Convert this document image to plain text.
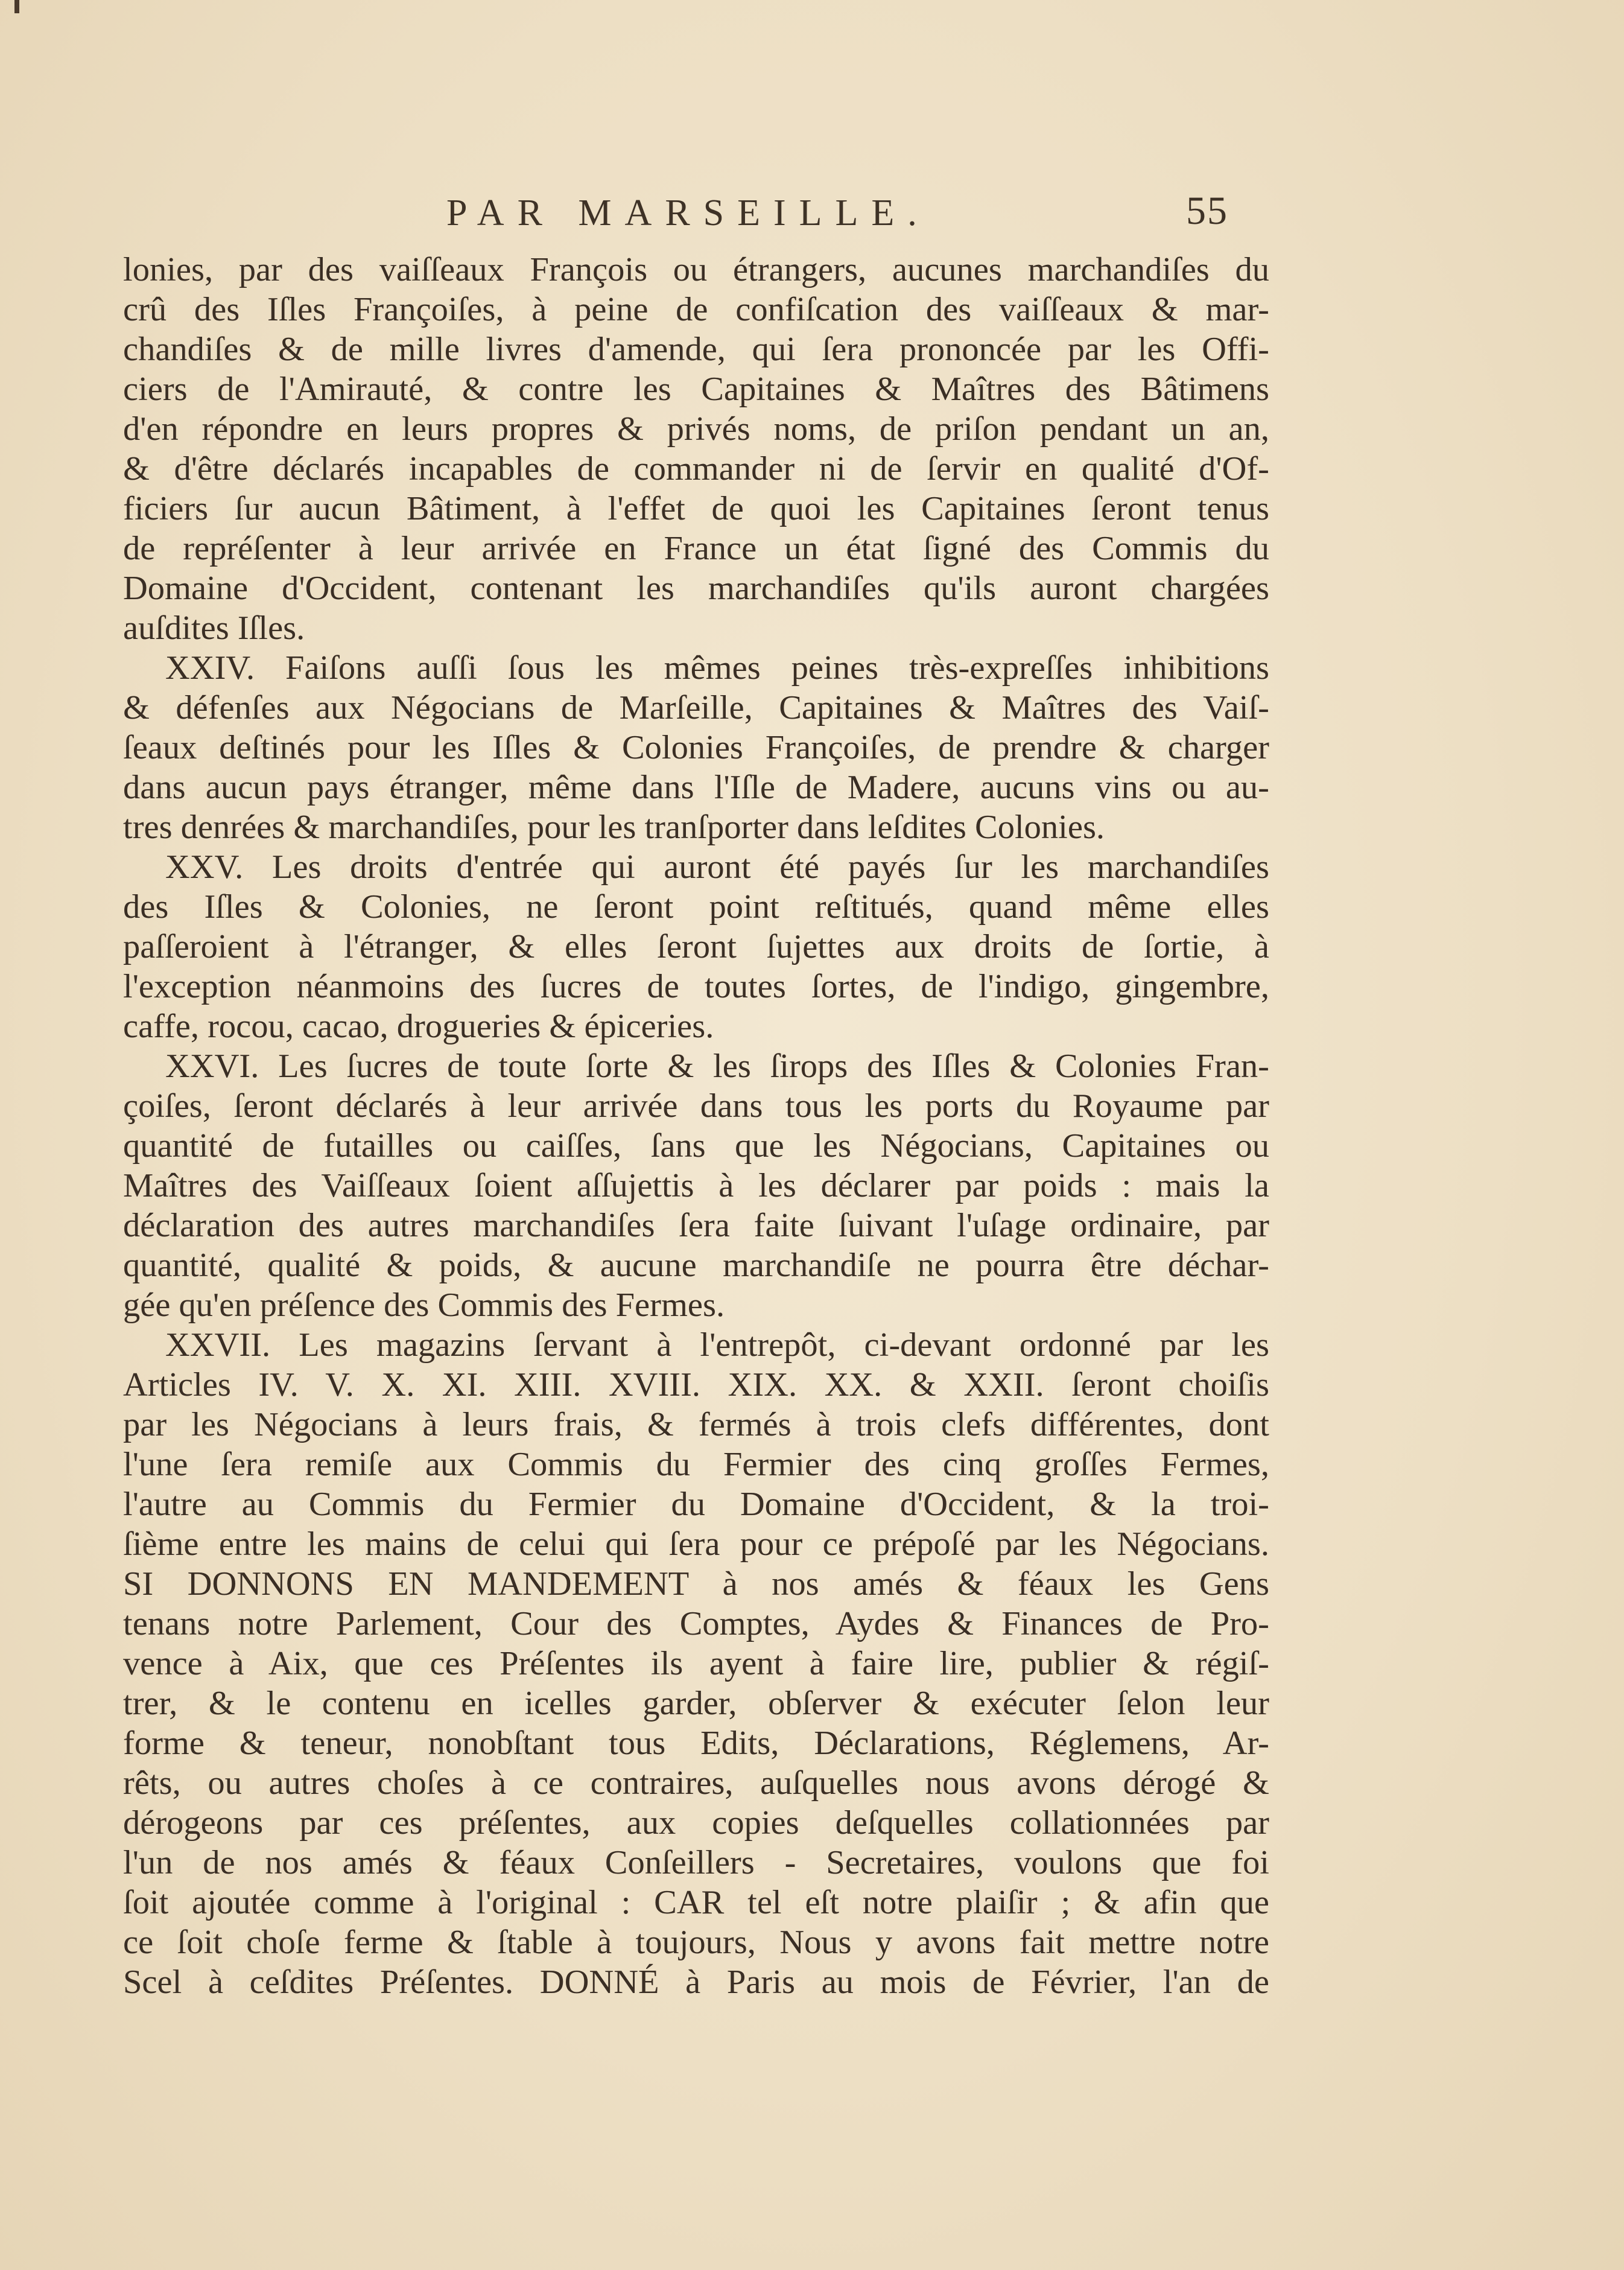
PAR MARSEILLE.	55
lonies, par des vaiſſeaux François ou étrangers, aucunes marchandiſes du
crû des Iſles Françoiſes, à peine de confiſcation des vaiſſeaux & mar-
chandiſes & de mille livres d'amende, qui ſera prononcée par les Offi-
ciers de l'Amirauté, & contre les Capitaines & Maîtres des Bâtimens
d'en répondre en leurs propres & privés noms, de priſon pendant un an,
& d'être déclarés incapables de commander ni de ſervir en qualité d'Of-
ficiers ſur aucun Bâtiment, à l'effet de quoi les Capitaines ſeront tenus
de repréſenter à leur arrivée en France un état ſigné des Commis du
Domaine d'Occident, contenant les marchandiſes qu'ils auront chargées
auſdites Iſles.
XXIV. Faiſons auſſi ſous les mêmes peines très-expreſſes inhibitions
& défenſes aux Négocians de Marſeille, Capitaines & Maîtres des Vaiſ-
ſeaux deſtinés pour les Iſles & Colonies Françoiſes, de prendre & charger
dans aucun pays étranger, même dans l'Iſle de Madere, aucuns vins ou au-
tres denrées & marchandiſes, pour les tranſporter dans leſdites Colonies.
XXV. Les droits d'entrée qui auront été payés ſur les marchandiſes
des Iſles & Colonies, ne ſeront point reſtitués, quand même elles
paſſeroient à l'étranger, & elles ſeront ſujettes aux droits de ſortie, à
l'exception néanmoins des ſucres de toutes ſortes, de l'indigo, gingembre,
caffe, rocou, cacao, drogueries & épiceries.
XXVI. Les ſucres de toute ſorte & les ſirops des Iſles & Colonies Fran-
çoiſes, ſeront déclarés à leur arrivée dans tous les ports du Royaume par
quantité de futailles ou caiſſes, ſans que les Négocians, Capitaines ou
Maîtres des Vaiſſeaux ſoient aſſujettis à les déclarer par poids : mais la
déclaration des autres marchandiſes ſera faite ſuivant l'uſage ordinaire, par
quantité, qualité & poids, & aucune marchandiſe ne pourra être déchar-
gée qu'en préſence des Commis des Fermes.
XXVII. Les magazins ſervant à l'entrepôt, ci-devant ordonné par les
Articles IV. V. X. XI. XIII. XVIII. XIX. XX. & XXII. ſeront choiſis
par les Négocians à leurs frais, & fermés à trois clefs différentes, dont
l'une ſera remiſe aux Commis du Fermier des cinq groſſes Fermes,
l'autre au Commis du Fermier du Domaine d'Occident, & la troi-
ſième entre les mains de celui qui ſera pour ce prépoſé par les Négocians.
SI DONNONS EN MANDEMENT à nos amés & féaux les Gens
tenans notre Parlement, Cour des Comptes, Aydes & Finances de Pro-
vence à Aix, que ces Préſentes ils ayent à faire lire, publier & régiſ-
trer, & le contenu en icelles garder, obſerver & exécuter ſelon leur
forme & teneur, nonobſtant tous Edits, Déclarations, Réglemens, Ar-
rêts, ou autres choſes à ce contraires, auſquelles nous avons dérogé &
dérogeons par ces préſentes, aux copies deſquelles collationnées par
l'un de nos amés & féaux Conſeillers - Secretaires, voulons que foi
ſoit ajoutée comme à l'original : CAR tel eſt notre plaiſir ; & afin que
ce ſoit choſe ferme & ſtable à toujours, Nous y avons fait mettre notre
Scel à ceſdites Préſentes. DONNÉ à Paris au mois de Février, l'an de
